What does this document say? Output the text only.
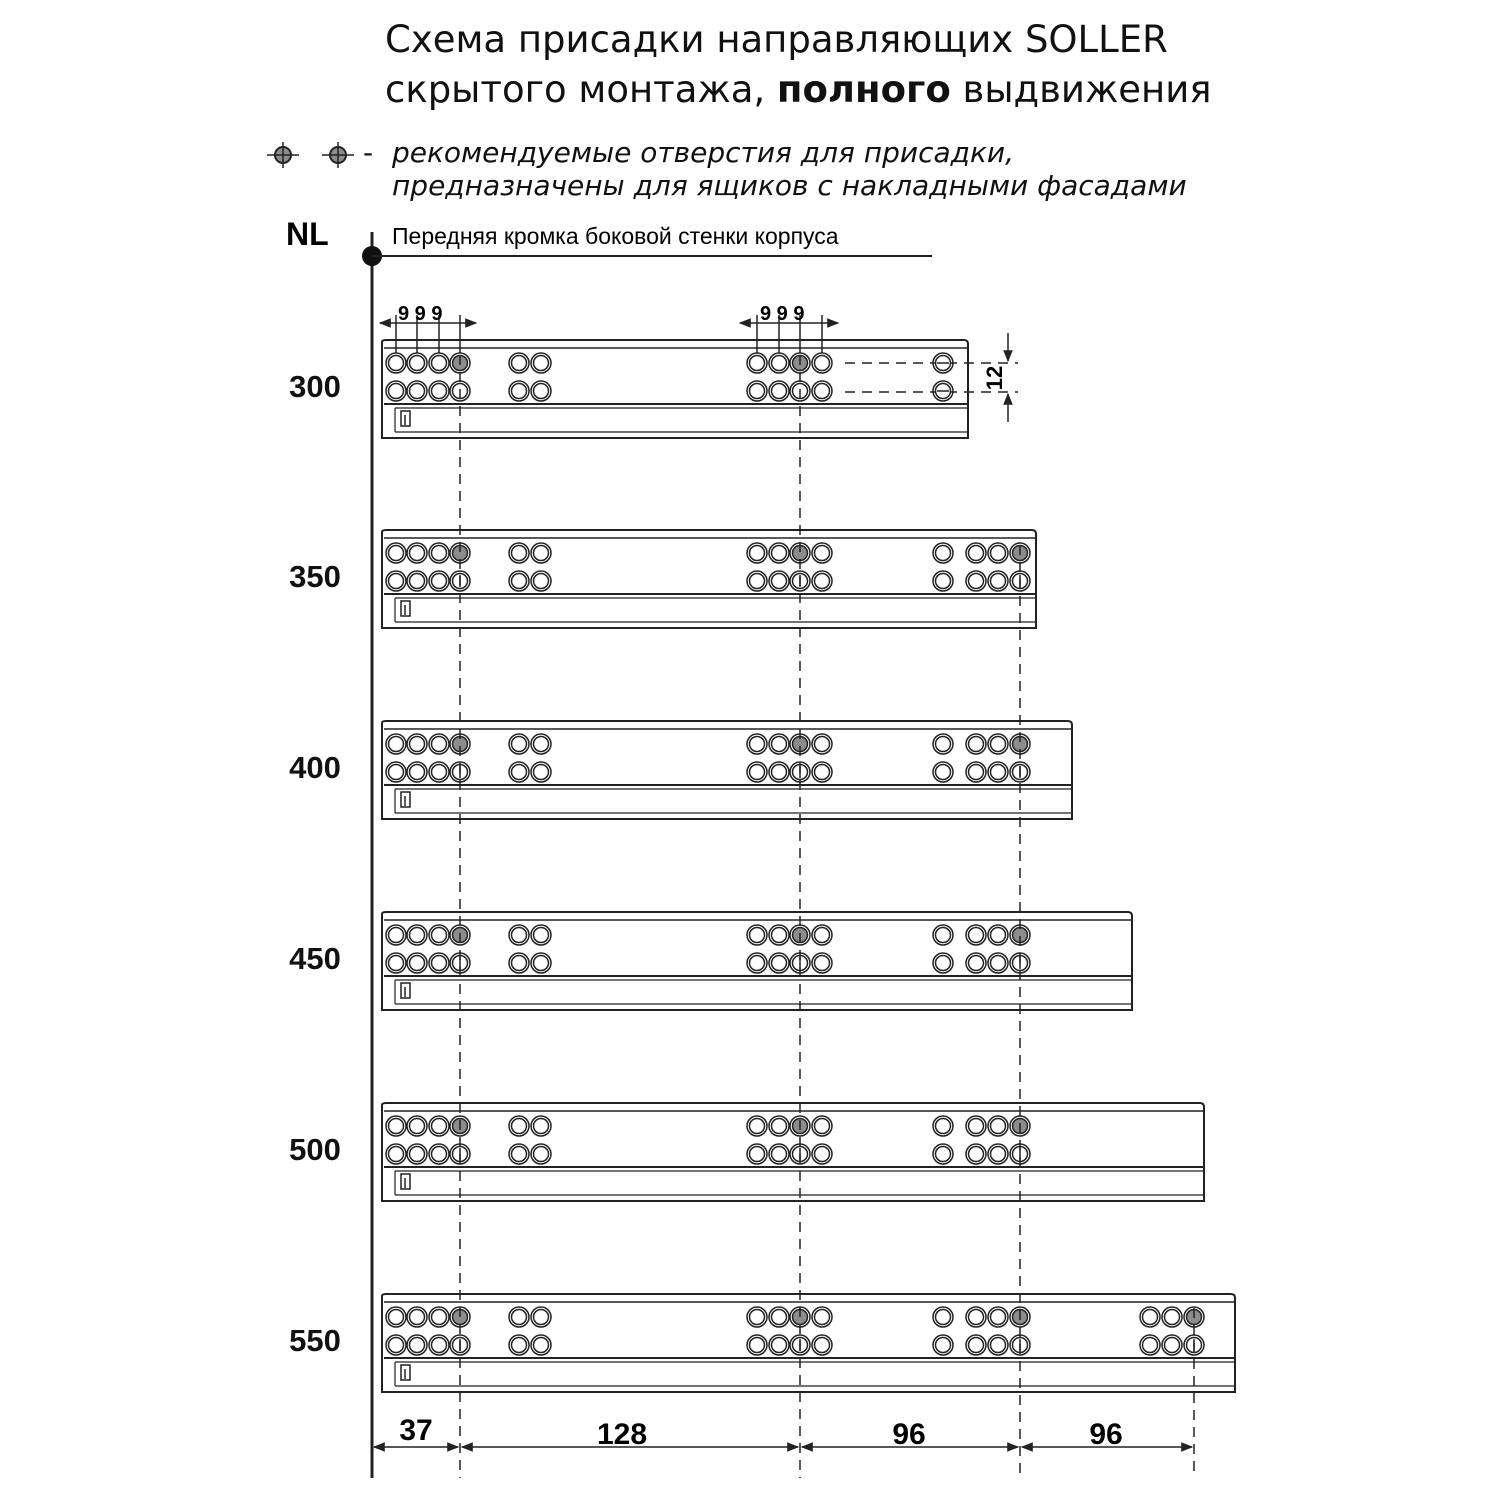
Схема присадки направляющих SOLLER
скрытого монтажа, полного выдвижения
- рекомендуемые отверстия для присадки,
предназначены для ящиков с накладными фасадами
NL	Передняя кромка боковой стенки корпуса
9 9 9	9 9 9
12
300
350
400
450
500
550
37	128	96	96
